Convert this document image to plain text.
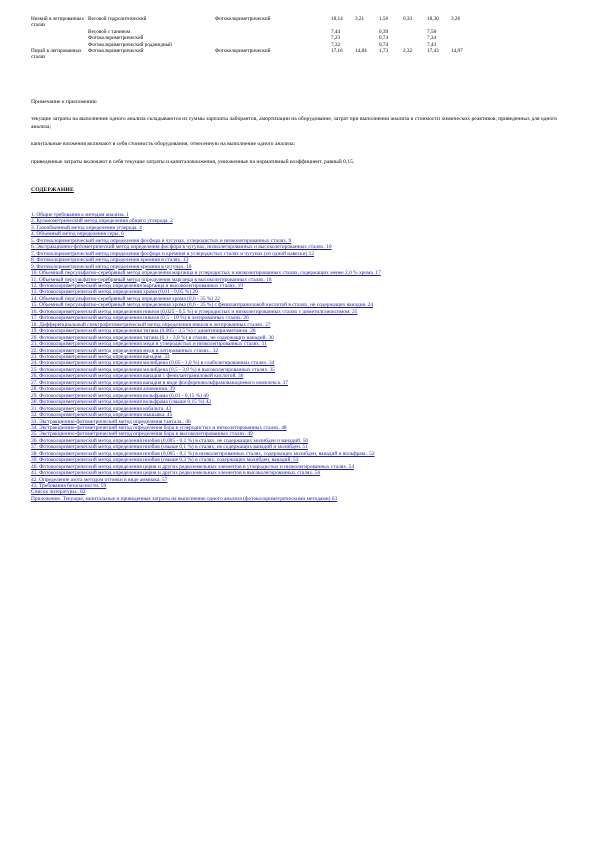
Низкий в легированных сталях	Весовой гидролитический	Фотоколориметрический	18,14	3,21	1,56	0,33	18,30	3,26
	Весовой с танином		7,44		0,39		7,58	
	Фотоколориметрический		7,23		0,74		7,34	
	Фотоколориметрический роданидный		7,32		0,74		7,43	
Пирай в легированных сталях	Фотоколориметрический	Фотоколориметрический	17,16	14,84	1,73	2,32	17,43	14,97

Примечание к приложению

текущие затраты на выполнение одного анализа складываются из суммы зарплаты лаборантов, амортизации на оборудование, затрат при выполнении анализа и стоимости химических реактивов, приведенных для одного анализа;

капитальные вложения включают в себя стоимость оборудования, отнесенную на выполнение одного анализа;

приведенные затраты включают в себя текущие затраты и капиталовложения, умноженные на нормативный коэффициент, равный 0,15.

СОДЕРЖАНИЕ
1. Общие требования к методам анализа. 1
2. Кулонометрический метод определения общего углерода. 2
3. Газообъемный метод определения углерода. 4
4. Объемный метод определения серы. 6
5. Фотоколориметрический метод определения фосфора в чугунах, углеродистых и низколегированных сталях. 9
6. Экстракционно-фотометрический метод определения фосфора в чугунах, низколегированных и высоколегированных сталях. 10
7. Фотоколориметрический метод определения фосфора и кремния в углеродистых сталях и чугунах (из одной навески) 12
8. Фотоколориметрический метод определения кремния в сталях. 13
9. Фотоколориметрический метод определения кремния в чугунах. 16
10. Объемный персульфатно-серебряный метод определения марганца в углеродистых и низколегированных сталях, содержащих менее 2,0 % хрома. 17
11. Объемный персульфатно-серебряный метод определения марганца в высоколегированных сталях. 18
12. Фотоколориметрический метод определения марганца в высоколегированных сталях. 19
13. Фотоколориметрический метод определения хрома (0,01 - 0,05 %) 20
14. Объемный персульфатно-серебряный метод определения хрома (0,6 - 35 %) 22
15. Объемный персульфатно-серебряный метод определения хрома (0,6 - 35 %) с фенилантраниловой кислотой в сталях, не содержащих ванадия. 24
16. Фотоколориметрический метод определения никеля (0,025 - 0,5 %) в углеродистых и низколегированных сталях с диметилглиоксимом. 25
17. Фотоколориметрический метод определения никеля (0,5 - 10 %) в легированных сталях. 26
18. Дифференциальный спектрофотометрический метод определения никеля в легированных сталях. 27
19. Фотоколориметрический метод определения титана (0,005 - 3,5 %) с диантипирилметаном. 28
20. Фотоколориметрический метод определения титана (0,1 - 3,0 %) в сталях, не содержащих ванадий. 30
21. Фотоколориметрический метод определения меди в углеродистых и низколегированных сталях. 31
22. Фотоколориметрический метод определения меди в легированных сталях.. 32
23. Фотоколориметрический метод определения ванадия. 33
24. Фотоколориметрический метод определения молибдена (0,05 - 1,0 %) в слаболегированных сталях. 34
25. Фотоколориметрический метод определения молибдена (0,5 - 3,0 %) в высоколегированных сталях. 35
26. Фотоколориметрический метод определения ванадия с фенилантраниловой кислотой. 36
27. Фотоколориметрический метод определения ванадия в виде фосфорновольфрамованадиевого комплекса. 37
28. Фотоколориметрический метод определения алюминия. 39
29. Фотоколориметрический метод определения вольфрама (0,01 - 0,15 %) 40
30. Фотоколориметрический метод определения вольфрама (свыше 0,15 %) 42
31. Фотоколориметрический метод определения кобальта. 43
32. Фотоколориметрический метод определения мышьяка. 45
33. Экстракционно-фотометрический метод определения тантала.. 46
34. Экстракционно-фотометрический метод определения бора в углеродистых и низколегированных сталях. 48
35. Экстракционно-фотометрический метод определения бора в высоколегированных сталях. 49
36. Фотоколориметрический метод определения ниобия (0,005 - 0,1 %) в сталях, не содержащих молибден и ванадий. 50
37. Фотоколориметрический метод определения ниобия (свыше 0,1 %) в сталях, не содержащих ванадий и молибден. 51
38. Фотоколориметрический метод определения ниобия (0,005 - 0,1 %) в низколегированных сталях, содержащих молибден, ванадий и вольфрам.. 52
39. Фотоколориметрический метод определения ниобия (свыше 0,3 %) в сталях, содержащих молибден, ванадий. 53
40. Фотоколориметрический метод определения церия и других редкоземельных элементов в углеродистых и низколегированных сталях. 54
41. Фотоколориметрический метод определения церия и других редкоземельных элементов в высоколегированных сталях. 56
42. Определение азота методом отгонки в виде аммиака. 57
43. Требования безопасности. 59
Список литературы.. 62
Приложение. Текущие, капитальные и приведенные затраты на выполнение одного анализа (фотоколориметрическими методами) 63
